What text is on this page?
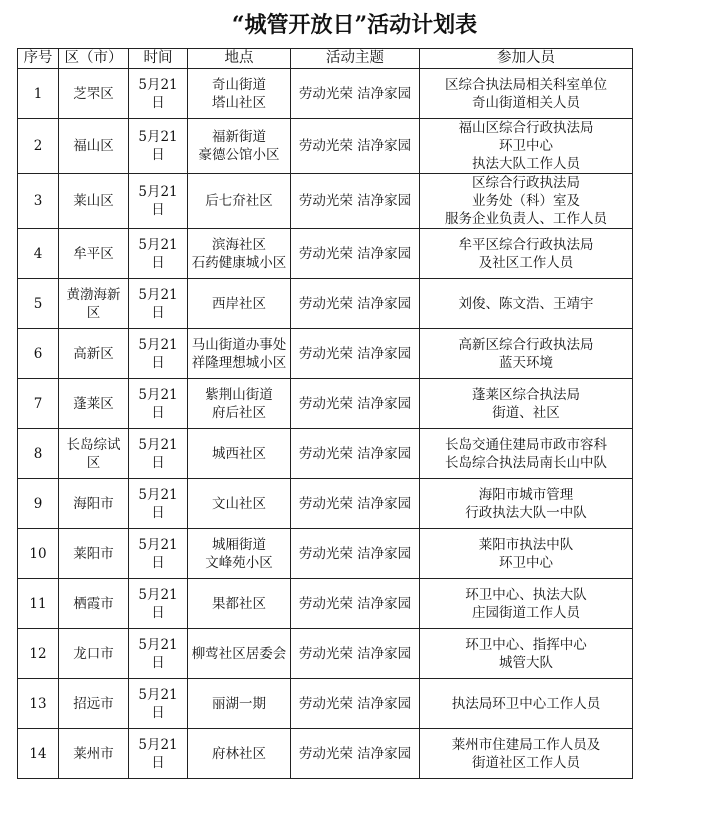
“城管开放日”活动计划表
序号	区（市）	时间	地点	活动主题	参加人员
1	芝罘区	5月21日	奇山街道
塔山社区	劳动光荣 洁净家园	区综合执法局相关科室单位
奇山街道相关人员

2	福山区	5月21日	福新街道
豪德公馆小区	劳动光荣 洁净家园	福山区综合行政执法局
环卫中心
执法大队工作人员

3	莱山区	5月21日	后七夼社区	劳动光荣 洁净家园	区综合行政执法局
业务处（科）室及
服务企业负责人、工作人员

4	牟平区	5月21日	滨海社区
石药健康城小区	劳动光荣 洁净家园	牟平区综合行政执法局
及社区工作人员

5	黄渤海新区	5月21日	西岸社区	劳动光荣 洁净家园	刘俊、陈文浩、王靖宇

6	高新区	5月21日	马山街道办事处
祥隆理想城小区	劳动光荣 洁净家园	高新区综合行政执法局
蓝天环境

7	蓬莱区	5月21日	紫荆山街道
府后社区	劳动光荣 洁净家园	蓬莱区综合执法局
街道、社区

8	长岛综试区	5月21日	城西社区	劳动光荣 洁净家园	长岛交通住建局市政市容科
长岛综合执法局南长山中队

9	海阳市	5月21日	文山社区	劳动光荣 洁净家园	海阳市城市管理
行政执法大队一中队

10	莱阳市	5月21日	城厢街道
文峰苑小区	劳动光荣 洁净家园	莱阳市执法中队
环卫中心

11	栖霞市	5月21日	果都社区	劳动光荣 洁净家园	环卫中心、执法大队
庄园街道工作人员

12	龙口市	5月21日	柳莺社区居委会	劳动光荣 洁净家园	环卫中心、指挥中心
城管大队

13	招远市	5月21日	丽湖一期	劳动光荣 洁净家园	执法局环卫中心工作人员

14	莱州市	5月21日	府林社区	劳动光荣 洁净家园	莱州市住建局工作人员及
街道社区工作人员
